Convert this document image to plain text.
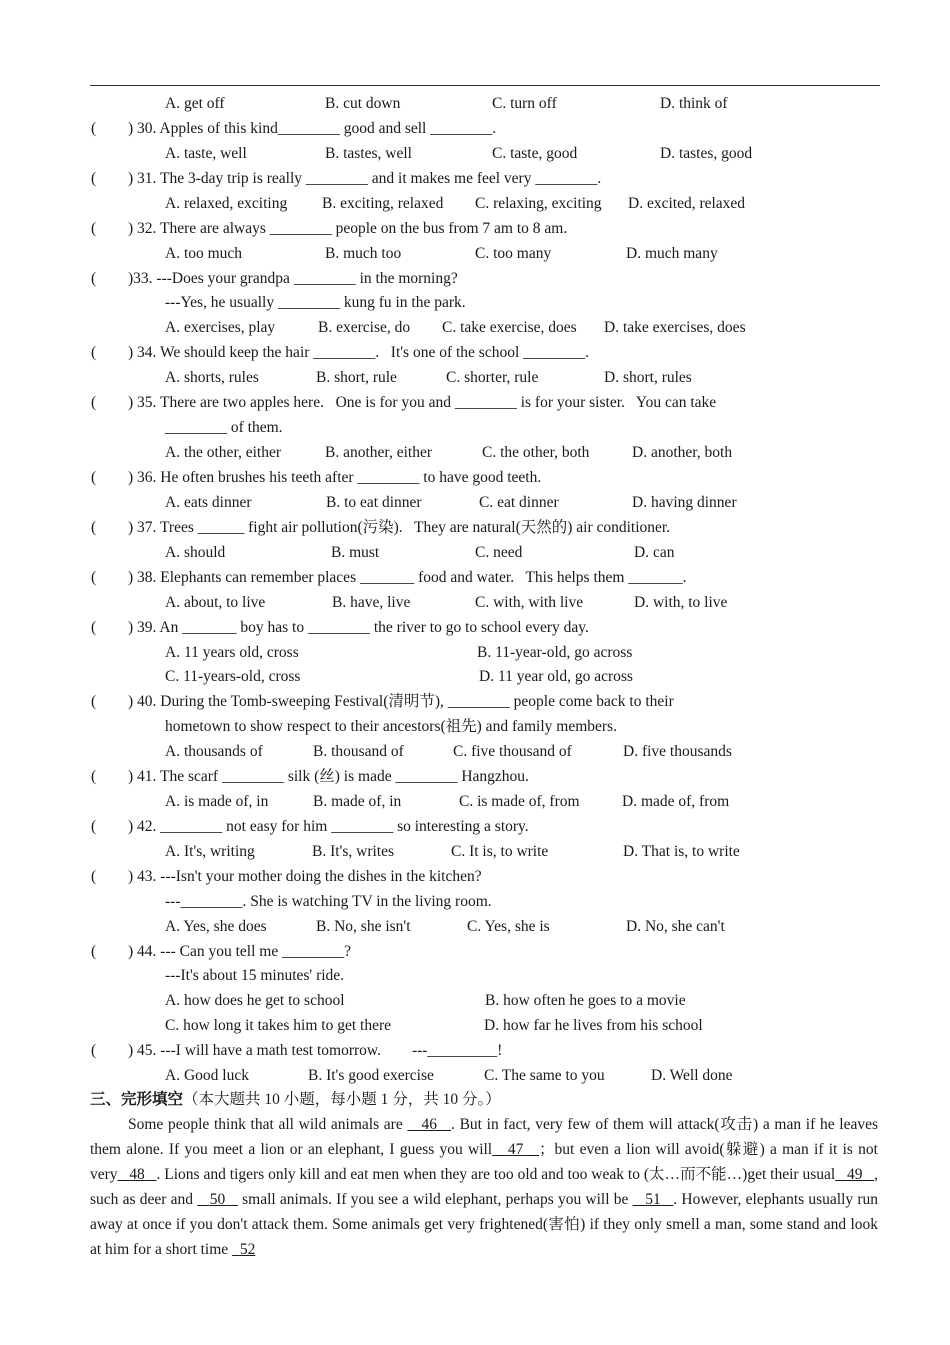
A. get off	B. cut down	C. turn off	D. think of
( ) 30. Apples of this kind________ good and sell ________.
A. taste, well	B. tastes, well	C. taste, good	D. tastes, good
( ) 31. The 3-day trip is really ________ and it makes me feel very ________.
A. relaxed, exciting B. exciting, relaxed C. relaxing, exciting D. excited, relaxed
( ) 32. There are always ________ people on the bus from 7 am to 8 am.
A. too much	B. much too	C. too many	D. much many
( )33. ---Does your grandpa ________ in the morning?
---Yes, he usually ________ kung fu in the park.
A. exercises, play	B. exercise, do C. take exercise, does D. take exercises, does
( ) 34. We should keep the hair ________.   It's one of the school ________.
A. shorts, rules	B. short, rule	C. shorter, rule	D. short, rules
( ) 35. There are two apples here.   One is for you and ________ is for your sister.   You can take
________ of them.
A. the other, either	B. another, either	C. the other, both	D. another, both
( ) 36. He often brushes his teeth after ________ to have good teeth.
A. eats dinner	B. to eat dinner	C. eat dinner	D. having dinner
( ) 37. Trees ______ fight air pollution(污染).   They are natural(天然的) air conditioner.
A. should	B. must	C. need	D. can
( ) 38. Elephants can remember places _______ food and water.   This helps them _______.
A. about, to live	B. have, live	C. with, with live	D. with, to live
( ) 39. An _______ boy has to ________ the river to go to school every day.
A. 11 years old, cross	B. 11-year-old, go across
C. 11-years-old, cross	D. 11 year old, go across
( ) 40. During the Tomb-sweeping Festival(清明节), ________ people come back to their
hometown to show respect to their ancestors(祖先) and family members.
A. thousands of	B. thousand of	C. five thousand of	D. five thousands
( ) 41. The scarf ________ silk (丝) is made ________ Hangzhou.
A. is made of, in	B. made of, in	C. is made of, from	D. made of, from
( ) 42. ________ not easy for him ________ so interesting a story.
A. It's, writing	B. It's, writes	C. It is, to write	D. That is, to write
( ) 43. ---Isn't your mother doing the dishes in the kitchen?
---________. She is watching TV in the living room.
A. Yes, she does	B. No, she isn't	C. Yes, she is	D. No, she can't
( ) 44. --- Can you tell me ________?
---It's about 15 minutes' ride.
A. how does he get to school	B. how often he goes to a movie
C. how long it takes him to get there	D. how far he lives from his school
( ) 45. ---I will have a math test tomorrow.        ---_________!
A. Good luck	B. It's good exercise	C. The same to you	D. Well done
三、完形填空（本大题共 10 小题，每小题 1 分，共 10 分。）
Some people think that all wild animals are    46 . But in fact, very few of them will attack(攻击) a man if he leaves them alone. If you meet a lion or an elephant, I guess you will 47 ；but even a lion will avoid(躲避) a man if it is not very 48 . Lions and tigers only kill and eat men when they are too old and too weak to (太…而不能…)get their usual 49 , such as deer and    50    small animals. If you see a wild elephant, perhaps you will be    51 . However, elephants usually run away at once if you don't attack them. Some animals get very frightened(害怕) if they only smell a man, some stand and look at him for a short time   52
